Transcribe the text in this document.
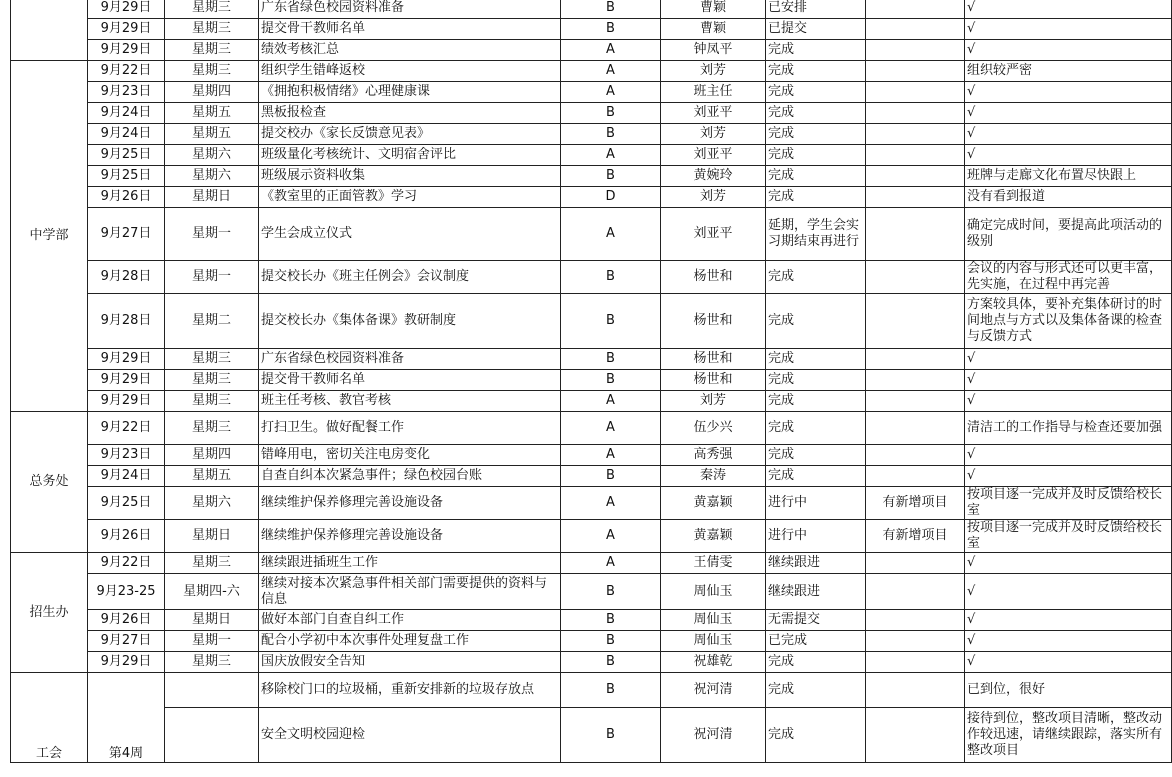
	9月29日	星期三	广东省绿色校园资料准备	B	曹颖	已安排		√
	9月29日	星期三	提交骨干教师名单	B	曹颖	已提交		√
	9月29日	星期三	绩效考核汇总	A	钟凤平	完成		√
中学部	9月22日	星期三	组织学生错峰返校	A	刘芳	完成		组织较严密
	9月23日	星期四	《拥抱积极情绪》心理健康课	A	班主任	完成		√
	9月24日	星期五	黑板报检查	B	刘亚平	完成		√
	9月24日	星期五	提交校办《家长反馈意见表》	B	刘芳	完成		√
	9月25日	星期六	班级量化考核统计、文明宿舍评比	A	刘亚平	完成		√
	9月25日	星期六	班级展示资料收集	B	黄婉玲	完成		班牌与走廊文化布置尽快跟上
	9月26日	星期日	《教室里的正面管教》学习	D	刘芳	完成		没有看到报道
	9月27日	星期一	学生会成立仪式	A	刘亚平	延期，学生会实习期结束再进行		确定完成时间，要提高此项活动的级别
	9月28日	星期一	提交校长办《班主任例会》会议制度	B	杨世和	完成		会议的内容与形式还可以更丰富，先实施，在过程中再完善
	9月28日	星期二	提交校长办《集体备课》教研制度	B	杨世和	完成		方案较具体，要补充集体研讨的时间地点与方式以及集体备课的检查与反馈方式
	9月29日	星期三	广东省绿色校园资料准备	B	杨世和	完成		√
	9月29日	星期三	提交骨干教师名单	B	杨世和	完成		√
	9月29日	星期三	班主任考核、教官考核	A	刘芳	完成		√
总务处	9月22日	星期三	打扫卫生。做好配餐工作	A	伍少兴	完成		清洁工的工作指导与检查还要加强
	9月23日	星期四	错峰用电，密切关注电房变化	A	高秀强	完成		√
	9月24日	星期五	自查自纠本次紧急事件；绿色校园台账	B	秦涛	完成		√
	9月25日	星期六	继续维护保养修理完善设施设备	A	黄嘉颖	进行中	有新增项目	按项目逐一完成并及时反馈给校长室
	9月26日	星期日	继续维护保养修理完善设施设备	A	黄嘉颖	进行中	有新增项目	按项目逐一完成并及时反馈给校长室
招生办	9月22日	星期三	继续跟进插班生工作	A	王倩雯	继续跟进		√
	9月23-25	星期四-六	继续对接本次紧急事件相关部门需要提供的资料与信息	B	周仙玉	继续跟进		√
	9月26日	星期日	做好本部门自查自纠工作	B	周仙玉	无需提交		√
	9月27日	星期一	配合小学初中本次事件处理复盘工作	B	周仙玉	已完成		√
	9月29日	星期三	国庆放假安全告知	B	祝雄乾	完成		√
工会	第4周		移除校门口的垃圾桶，重新安排新的垃圾存放点	B	祝河清	完成		已到位，很好
			安全文明校园迎检	B	祝河清	完成		接待到位，整改项目清晰，整改动作较迅速，请继续跟踪，落实所有整改项目
